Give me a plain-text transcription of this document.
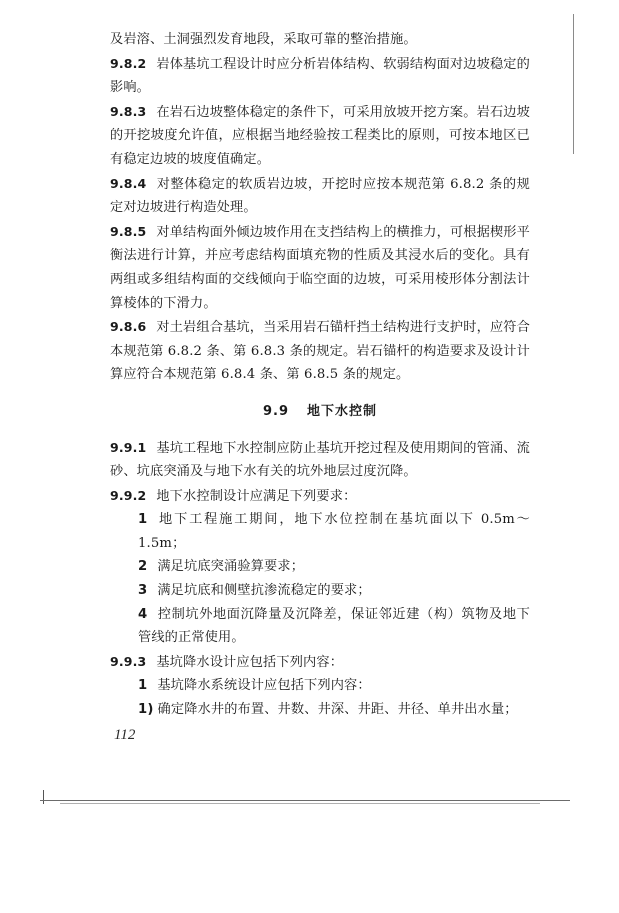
及岩溶、土洞强烈发育地段，采取可靠的整治措施。

9.8.2 岩体基坑工程设计时应分析岩体结构、软弱结构面对边坡稳定的影响。

9.8.3 在岩石边坡整体稳定的条件下，可采用放坡开挖方案。岩石边坡的开挖坡度允许值，应根据当地经验按工程类比的原则，可按本地区已有稳定边坡的坡度值确定。

9.8.4 对整体稳定的软质岩边坡，开挖时应按本规范第 6.8.2 条的规定对边坡进行构造处理。

9.8.5 对单结构面外倾边坡作用在支挡结构上的横推力，可根据楔形平衡法进行计算，并应考虑结构面填充物的性质及其浸水后的变化。具有两组或多组结构面的交线倾向于临空面的边坡，可采用棱形体分割法计算棱体的下滑力。

9.8.6 对土岩组合基坑，当采用岩石锚杆挡土结构进行支护时，应符合本规范第 6.8.2 条、第 6.8.3 条的规定。岩石锚杆的构造要求及设计计算应符合本规范第 6.8.4 条、第 6.8.5 条的规定。

9.9 地下水控制

9.9.1 基坑工程地下水控制应防止基坑开挖过程及使用期间的管涌、流砂、坑底突涌及与地下水有关的坑外地层过度沉降。

9.9.2 地下水控制设计应满足下列要求：

1 地下工程施工期间，地下水位控制在基坑面以下 0.5m～1.5m；

2 满足坑底突涌验算要求；

3 满足坑底和侧壁抗渗流稳定的要求；

4 控制坑外地面沉降量及沉降差，保证邻近建（构）筑物及地下管线的正常使用。

9.9.3 基坑降水设计应包括下列内容：

1 基坑降水系统设计应包括下列内容：

1) 确定降水井的布置、井数、井深、井距、井径、单井出水量；

112
